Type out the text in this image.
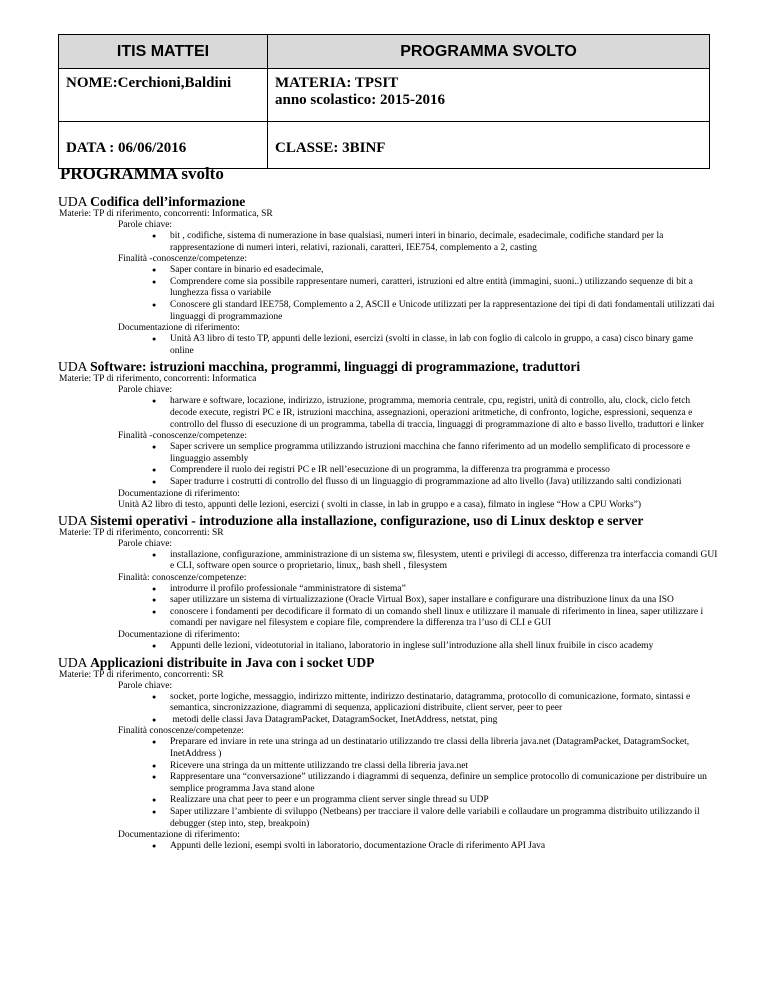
ITIS MATTEI	PROGRAMMA SVOLTO
NOME:Cerchioni,Baldini	MATERIA: TPSIT
anno scolastico: 2015-2016

DATA : 06/06/2016	CLASSE: 3BINF
PROGRAMMA svolto

UDA Codifica dell’informazione

Materie: TP di riferimento, concorrenti: Informatica, SR

Parole chiave:

● bit , codifiche, sistema di numerazione in base qualsiasi, numeri interi in binario, decimale, esadecimale, codifiche standard per la rappresentazione di numeri interi, relativi, razionali, caratteri, IEE754, complemento a 2, casting

Finalità -conoscenze/competenze:

● Saper contare in binario ed esadecimale,
● Comprendere come sia possibile rappresentare numeri, caratteri, istruzioni ed altre entità (immagini, suoni..) utilizzando sequenze di bit a lunghezza fissa o variabile
● Conoscere gli standard IEE758, Complemento a 2, ASCII e Unicode utilizzati per la rappresentazione dei tipi di dati fondamentali utilizzati dai linguaggi di programmazione

Documentazione di riferimento:

● Unità A3 libro di testo TP, appunti delle lezioni, esercizi (svolti in classe, in lab con foglio di calcolo in gruppo, a casa) cisco binary game online

UDA Software: istruzioni macchina, programmi, linguaggi di programmazione, traduttori

Materie: TP di riferimento, concorrenti: Informatica

Parole chiave:

● harware e software, locazione, indirizzo, istruzione, programma, memoria centrale, cpu, registri, unità di controllo, alu, clock, ciclo fetch decode execute, registri PC e IR, istruzioni macchina, assegnazioni, operazioni aritmetiche, di confronto, logiche, espressioni, sequenza e controllo del flusso di esecuzione di un programma, tabella di traccia, linguaggi di programmazione di alto e basso livello, traduttori e linker

Finalità -conoscenze/competenze:

● Saper scrivere un semplice programma utilizzando istruzioni macchina che fanno riferimento ad un modello semplificato di processore e linguaggio assembly
● Comprendere il ruolo dei registri PC e IR nell’esecuzione di un programma, la differenza tra programma e processo
● Saper tradurre i costrutti di controllo del flusso di un linguaggio di programmazione ad alto livello (Java) utilizzando salti condizionati

Documentazione di riferimento:

Unità A2 libro di testo, appunti delle lezioni, esercizi ( svolti in classe, in lab in gruppo e a casa), filmato in inglese “How a CPU Works”)

UDA Sistemi operativi - introduzione alla installazione, configurazione, uso di Linux desktop e server

Materie: TP di riferimento, concorrenti: SR

Parole chiave:

● installazione, configurazione, amministrazione di un sistema sw, filesystem, utenti e privilegi di accesso, differenza tra interfaccia comandi GUI e CLI, software open source o proprietario, linux,, bash shell , filesystem

Finalità: conoscenze/competenze:

● introdurre il profilo professionale “amministratore di sistema”
● saper utilizzare un sistema di virtualizzazione (Oracle Virtual Box), saper installare e configurare una distribuzione linux da una ISO
● conoscere i fondamenti per decodificare il formato di un comando shell linux e utilizzare il manuale di riferimento in linea, saper utilizzare i comandi per navigare nel filesystem e copiare file, comprendere la differenza tra l’uso di CLI e GUI

Documentazione di riferimento:

● Appunti delle lezioni, videotutorial in italiano, laboratorio in inglese sull’introduzione alla shell linux fruibile in cisco academy

UDA Applicazioni distribuite in Java con i socket UDP

Materie: TP di riferimento, concorrenti: SR

Parole chiave:

● socket, porte logiche, messaggio, indirizzo mittente, indirizzo destinatario, datagramma, protocollo di comunicazione, formato, sintassi e semantica, sincronizzazione, diagrammi di sequenza, applicazioni distribuite, client server, peer to peer
● metodi delle classi Java DatagramPacket, DatagramSocket, InetAddress, netstat, ping

Finalità conoscenze/competenze:

● Preparare ed inviare in rete una stringa ad un destinatario utilizzando tre classi della libreria java.net (DatagramPacket, DatagramSocket, InetAddress )
● Ricevere una stringa da un mittente utilizzando tre classi della libreria java.net
● Rappresentare una “conversazione” utilizzando i diagrammi di sequenza, definire un semplice protocollo di comunicazione per distribuire un semplice programma Java stand alone
● Realizzare una chat peer to peer e un programma client server single thread su UDP
● Saper utilizzare l’ambiente di sviluppo (Netbeans) per tracciare il valore delle variabili e collaudare un programma distribuito utilizzando il debugger (step into, step, breakpoin)

Documentazione di riferimento:

● Appunti delle lezioni, esempi svolti in laboratorio, documentazione Oracle di riferimento API Java
